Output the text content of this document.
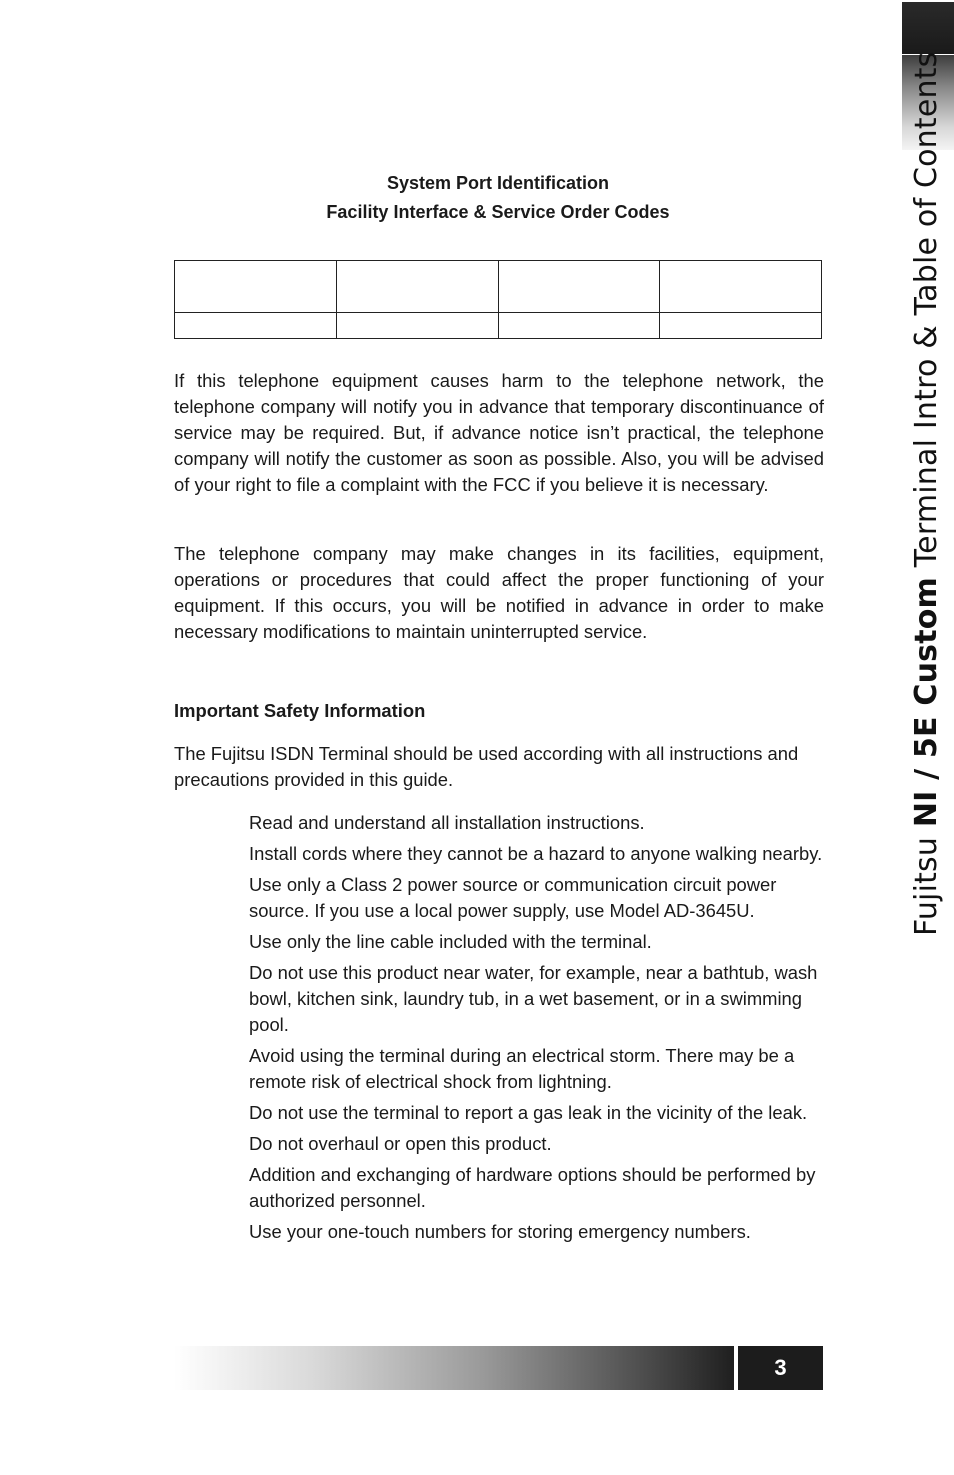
Fujitsu NI / 5E Custom Terminal Intro & Table of Contents
System Port Identification
Facility Interface & Service Order Codes

If this telephone equipment causes harm to the telephone network, the telephone company will notify you in advance that temporary discontinuance of service may be required. But, if advance notice isn’t practical, the telephone company will notify the customer as soon as possible. Also, you will be advised of your right to file a complaint with the FCC if you believe it is necessary.

The telephone company may make changes in its facilities, equipment, operations or procedures that could affect the proper functioning of your equipment. If this occurs, you will be notified in advance in order to make necessary modifications to maintain uninterrupted service.

Important Safety Information

The Fujitsu ISDN Terminal should be used according with all instructions and precautions provided in this guide.

Read and understand all installation instructions.
Install cords where they cannot be a hazard to anyone walking nearby.
Use only a Class 2 power source or communication circuit power source. If you use a local power supply, use Model AD-3645U.
Use only the line cable included with the terminal.
Do not use this product near water, for example, near a bathtub, wash bowl, kitchen sink, laundry tub, in a wet basement, or in a swimming pool.
Avoid using the terminal during an electrical storm. There may be a remote risk of electrical shock from lightning.
Do not use the terminal to report a gas leak in the vicinity of the leak.
Do not overhaul or open this product.
Addition and exchanging of hardware options should be performed by authorized personnel.
Use your one-touch numbers for storing emergency numbers.
3
